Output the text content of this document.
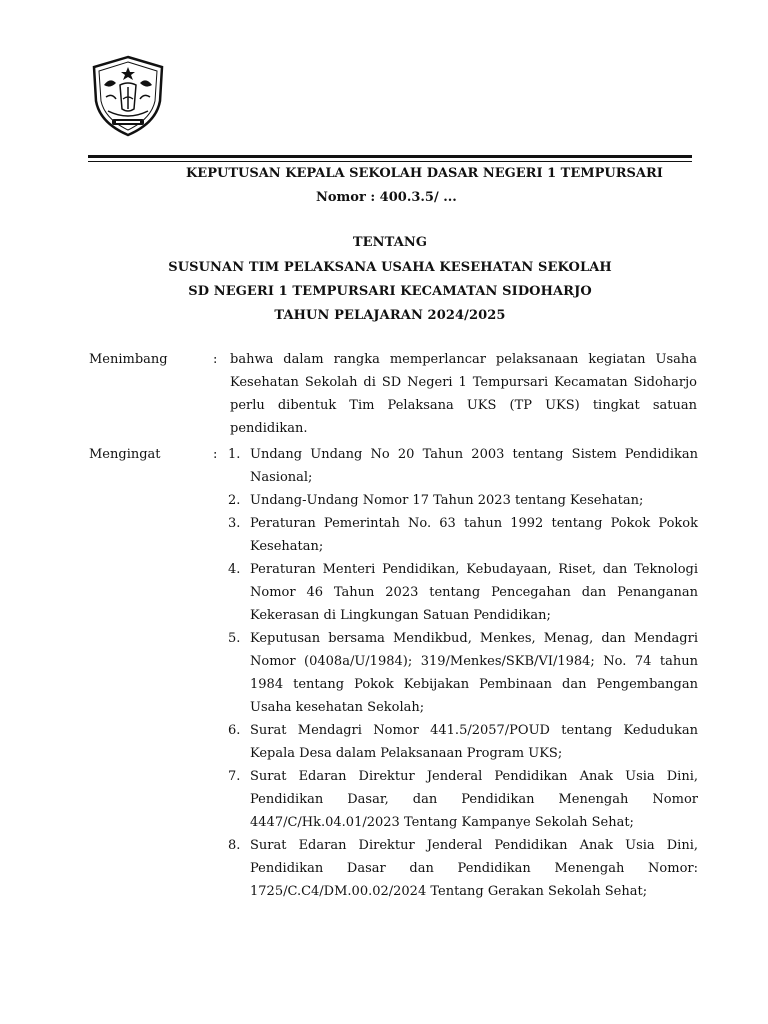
KEPUTUSAN KEPALA SEKOLAH DASAR NEGERI 1 TEMPURSARI
Nomor : 400.3.5/ ...
TENTANG
SUSUNAN TIM PELAKSANA USAHA KESEHATAN SEKOLAH
SD NEGERI 1 TEMPURSARI KECAMATAN SIDOHARJO
TAHUN PELAJARAN 2024/2025
Menimbang	: bahwa dalam rangka memperlancar pelaksanaan kegiatan Usaha Kesehatan Sekolah di SD Negeri 1 Tempursari Kecamatan Sidoharjo perlu dibentuk Tim Pelaksana UKS (TP UKS) tingkat satuan pendidikan.
Mengingat	: 1. Undang Undang No 20 Tahun 2003 tentang Sistem Pendidikan Nasional;
2. Undang-Undang Nomor 17 Tahun 2023 tentang Kesehatan;
3. Peraturan Pemerintah No. 63 tahun 1992 tentang Pokok Pokok Kesehatan;
4. Peraturan Menteri Pendidikan, Kebudayaan, Riset, dan Teknologi Nomor 46 Tahun 2023 tentang Pencegahan dan Penanganan Kekerasan di Lingkungan Satuan Pendidikan;
5. Keputusan bersama Mendikbud, Menkes, Menag, dan Mendagri Nomor (0408a/U/1984); 319/Menkes/SKB/VI/1984; No. 74 tahun 1984 tentang Pokok Kebijakan Pembinaan dan Pengembangan Usaha kesehatan Sekolah;
6. Surat Mendagri Nomor 441.5/2057/POUD tentang Kedudukan Kepala Desa dalam Pelaksanaan Program UKS;
7. Surat Edaran Direktur Jenderal Pendidikan Anak Usia Dini, Pendidikan Dasar, dan Pendidikan Menengah Nomor 4447/C/Hk.04.01/2023 Tentang Kampanye Sekolah Sehat;
8. Surat Edaran Direktur Jenderal Pendidikan Anak Usia Dini, Pendidikan Dasar dan Pendidikan Menengah Nomor: 1725/C.C4/DM.00.02/2024 Tentang Gerakan Sekolah Sehat;
